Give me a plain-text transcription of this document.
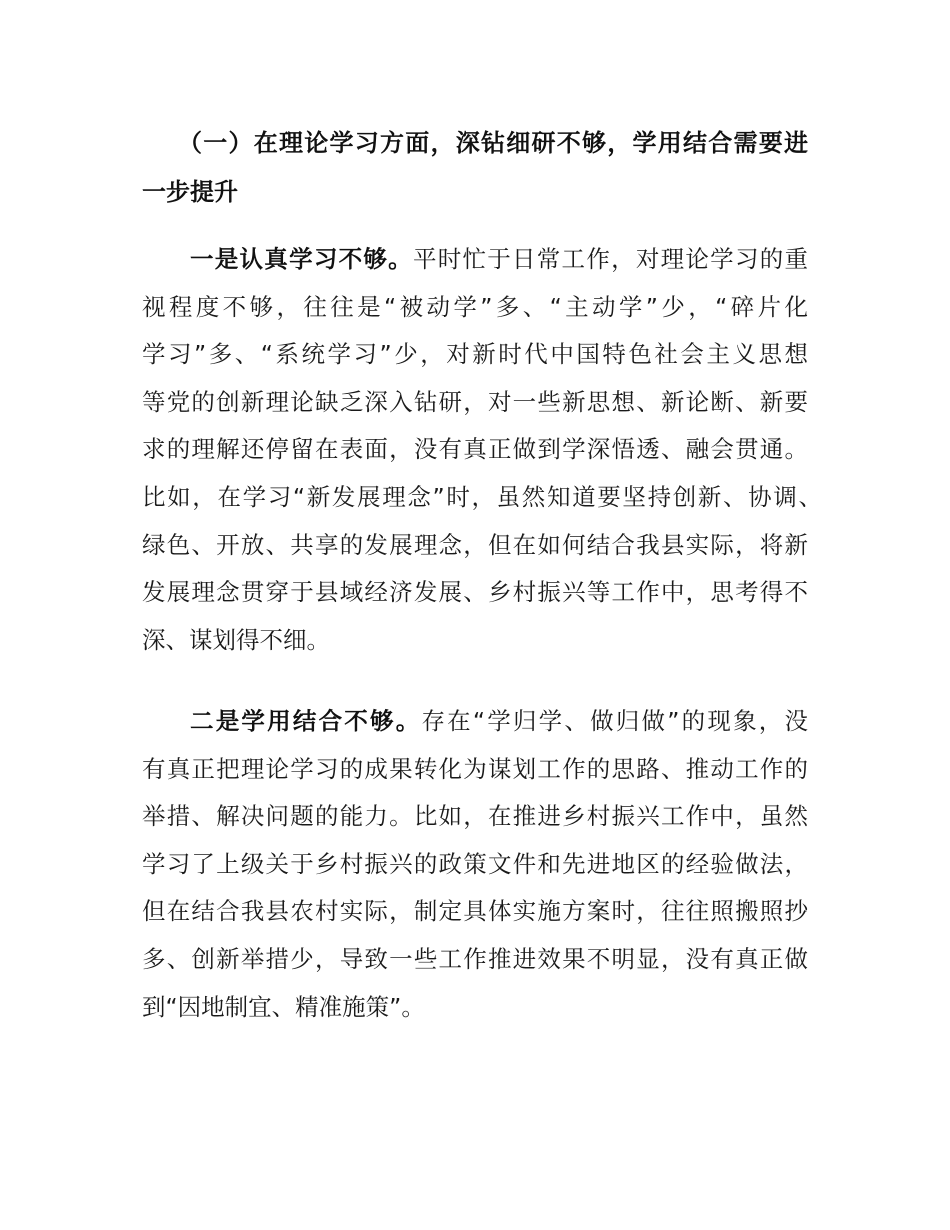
（一）在理论学习方面，深钻细研不够，学用结合需要进
一步提升
一是认真学习不够。平时忙于日常工作，对理论学习的重
视程度不够，往往是“被动学”多、“主动学”少，“碎片化
学习”多、“系统学习”少，对新时代中国特色社会主义思想
等党的创新理论缺乏深入钻研，对一些新思想、新论断、新要
求的理解还停留在表面，没有真正做到学深悟透、融会贯通。
比如，在学习“新发展理念”时，虽然知道要坚持创新、协调、
绿色、开放、共享的发展理念，但在如何结合我县实际，将新
发展理念贯穿于县域经济发展、乡村振兴等工作中，思考得不
深、谋划得不细。
二是学用结合不够。存在“学归学、做归做”的现象，没
有真正把理论学习的成果转化为谋划工作的思路、推动工作的
举措、解决问题的能力。比如，在推进乡村振兴工作中，虽然
学习了上级关于乡村振兴的政策文件和先进地区的经验做法，
但在结合我县农村实际，制定具体实施方案时，往往照搬照抄
多、创新举措少，导致一些工作推进效果不明显，没有真正做
到“因地制宜、精准施策”。
